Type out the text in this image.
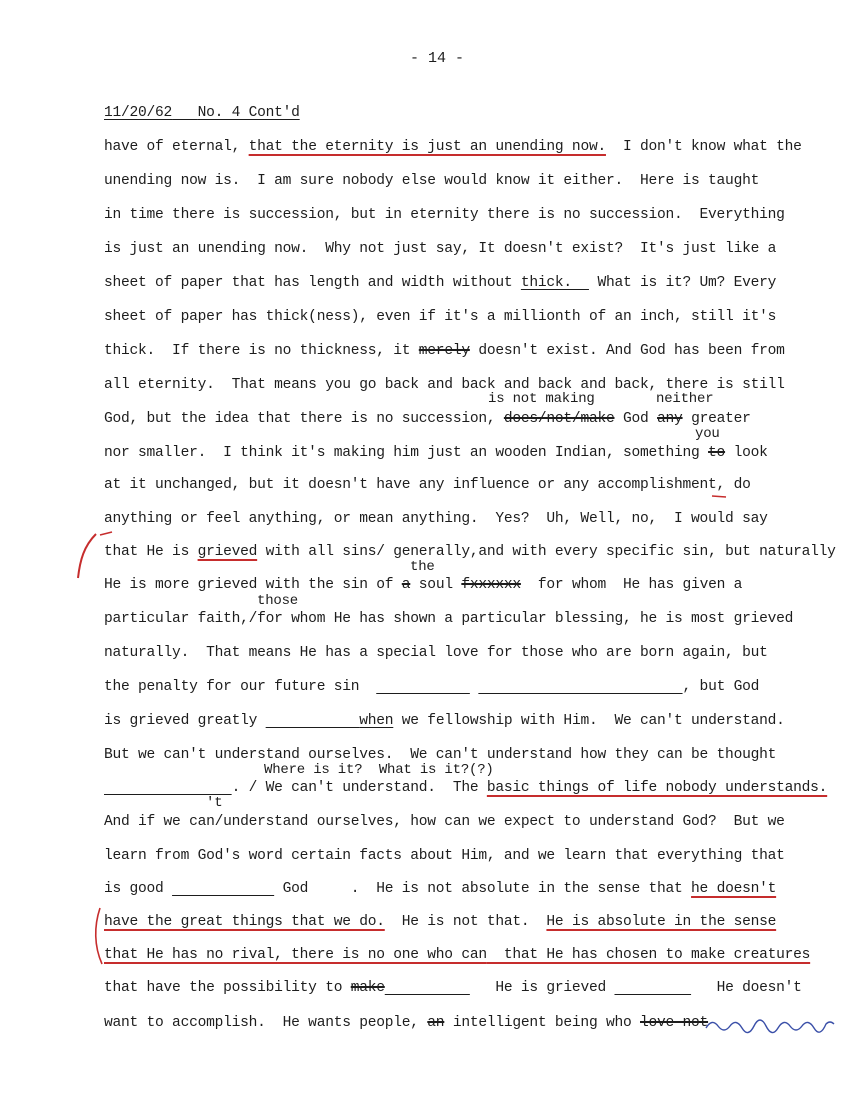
- 14 -
11/20/62 No. 4 Cont'd
have of eternal, that the eternity is just an unending now.  I don't know what the
unending now is.  I am sure nobody else would know it either.  Here is taught
in time there is succession, but in eternity there is no succession.  Everything
is just an unending now.  Why not just say, It doesn't exist?  It's just like a
sheet of paper that has length and width without thick.   What is it? Um? Every
sheet of paper has thick(ness), even if it's a millionth of an inch, still it's
thick.  If there is no thickness, it merely doesn't exist. And God has been from
all eternity.  That means you go back and back and back and back, there is still
is not making	neither
God, but the idea that there is no succession, does/not/make God any greater
you
nor smaller.  I think it's making him just an wooden Indian, something to look
at it unchanged, but it doesn't have any influence or any accomplishment, do
anything or feel anything, or mean anything.  Yes?  Uh, Well, no,  I would say
that He is grieved with all sins/ generally,and with every specific sin, but naturally
the
He is more grieved with the sin of a soul fxxxxxx  for whom  He has given a
those
particular faith,/for whom He has shown a particular blessing, he is most grieved
naturally.  That means He has a special love for those who are born again, but
the penalty for our future sin	, but God
is grieved greatly	when we fellowship with Him.  We can't understand.
But we can't understand ourselves.  We can't understand how they can be thought
Where is it?  What is it?(?)
. / We can't understand.  The basic things of life nobody understands.
't
And if we can/understand ourselves, how can we expect to understand God?  But we
learn from God's word certain facts about Him, and we learn that everything that
is good	God     .  He is not absolute in the sense that he doesn't
have the great things that we do.  He is not that.  He is absolute in the sense
that He has no rival, there is no one who can  that He has chosen to make creatures
that have the possibility to make	He is grieved	He doesn't
want to accomplish.  He wants people, an intelligent being who love not
